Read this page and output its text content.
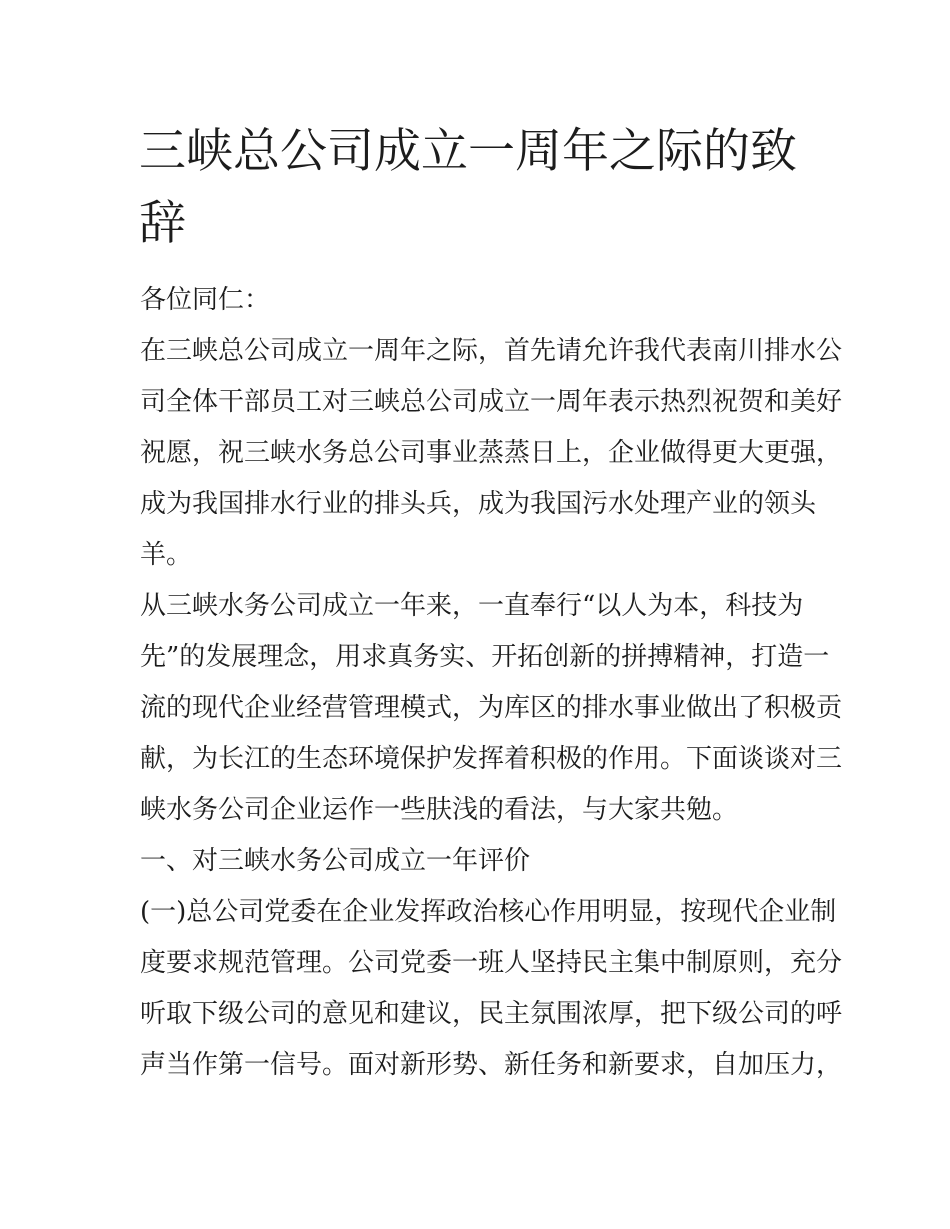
三峡总公司成立一周年之际的致辞

各位同仁：

在三峡总公司成立一周年之际，首先请允许我代表南川排水公

司全体干部员工对三峡总公司成立一周年表示热烈祝贺和美好

祝愿，祝三峡水务总公司事业蒸蒸日上，企业做得更大更强，

成为我国排水行业的排头兵，成为我国污水处理产业的领头

羊。

从三峡水务公司成立一年来，一直奉行“以人为本，科技为

先”的发展理念，用求真务实、开拓创新的拼搏精神，打造一

流的现代企业经营管理模式，为库区的排水事业做出了积极贡

献，为长江的生态环境保护发挥着积极的作用。下面谈谈对三

峡水务公司企业运作一些肤浅的看法，与大家共勉。

一、对三峡水务公司成立一年评价

(一)总公司党委在企业发挥政治核心作用明显，按现代企业制

度要求规范管理。公司党委一班人坚持民主集中制原则，充分

听取下级公司的意见和建议，民主氛围浓厚，把下级公司的呼

声当作第一信号。面对新形势、新任务和新要求，自加压力，
